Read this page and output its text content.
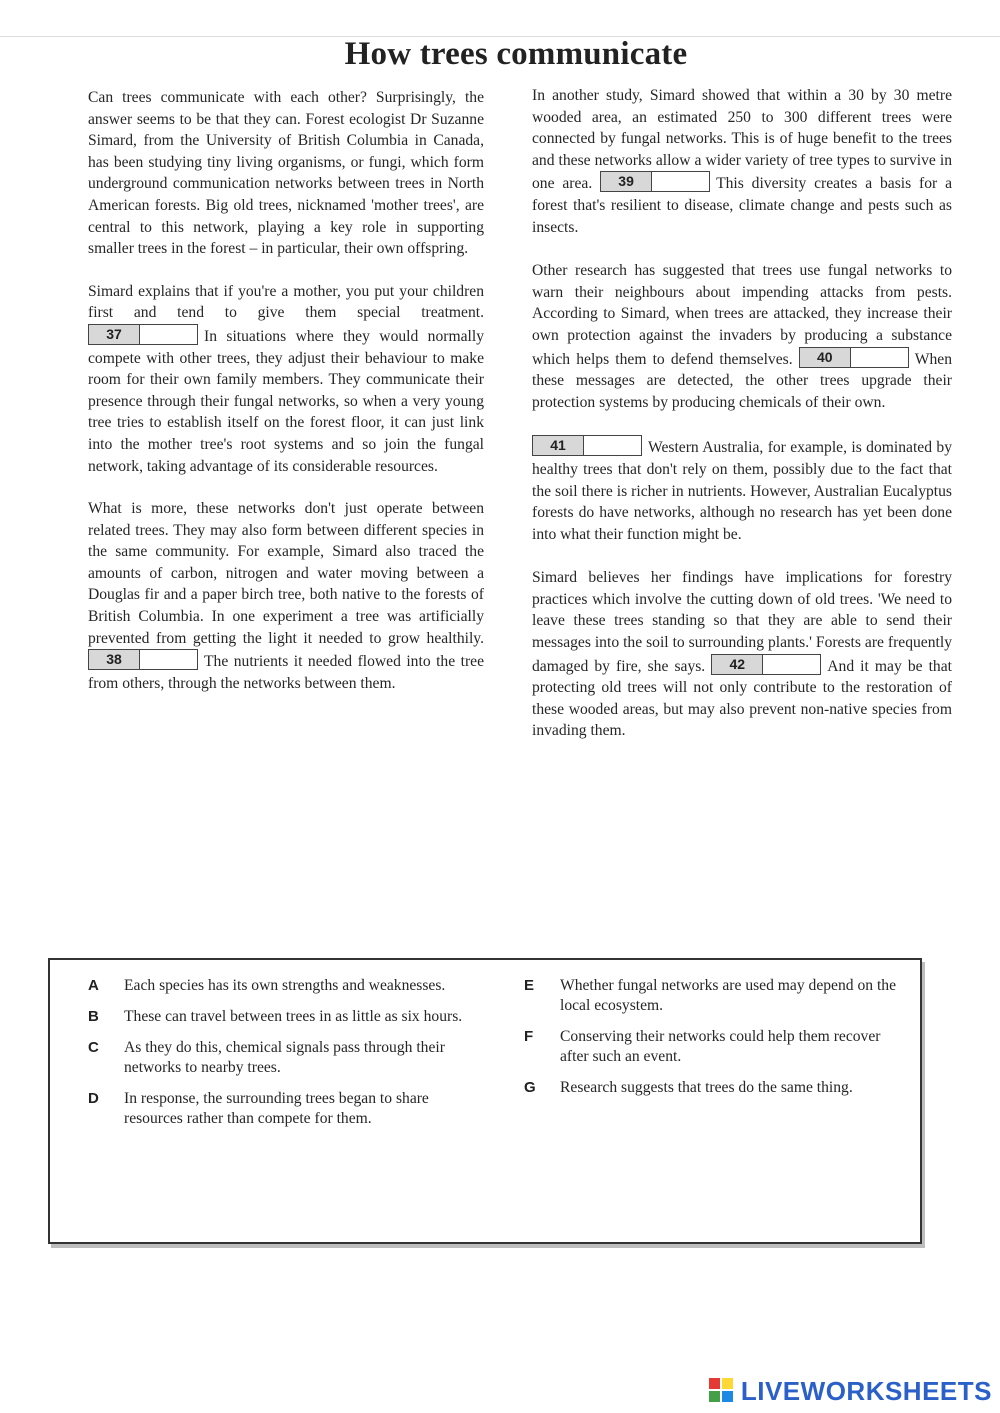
How trees communicate

Can trees communicate with each other? Surprisingly, the answer seems to be that they can. Forest ecologist Dr Suzanne Simard, from the University of British Columbia in Canada, has been studying tiny living organisms, or fungi, which form underground communication networks between trees in North American forests. Big old trees, nicknamed 'mother trees', are central to this network, playing a key role in supporting smaller trees in the forest – in particular, their own offspring.

Simard explains that if you're a mother, you put your children first and tend to give them special treatment.
37	In situations where they would normally compete with other trees, they adjust their behaviour to make room for their own family members. They communicate their presence through their fungal networks, so when a very young tree tries to establish itself on the forest floor, it can just link into the mother tree's root systems and so join the fungal network, taking advantage of its considerable resources.

What is more, these networks don't just operate between related trees. They may also form between different species in the same community. For example, Simard also traced the amounts of carbon, nitrogen and water moving between a Douglas fir and a paper birch tree, both native to the forests of British Columbia. In one experiment a tree was artificially prevented from getting the light it needed to grow healthily.
38	The nutrients it needed flowed into the tree from others, through the networks between them.

In another study, Simard showed that within a 30 by 30 metre wooded area, an estimated 250 to 300 different trees were connected by fungal networks. This is of huge benefit to the trees and these networks allow a wider variety of tree types to survive in one area.	39	This diversity creates a basis for a forest that's resilient to disease, climate change and pests such as insects.

Other research has suggested that trees use fungal networks to warn their neighbours about impending attacks from pests. According to Simard, when trees are attacked, they increase their own protection against the invaders by producing a substance which helps them to defend themselves.	40	When these messages are detected, the other trees upgrade their protection systems by producing chemicals of their own.

41	Western Australia, for example, is dominated by healthy trees that don't rely on them, possibly due to the fact that the soil there is richer in nutrients. However, Australian Eucalyptus forests do have networks, although no research has yet been done into what their function might be.

Simard believes her findings have implications for forestry practices which involve the cutting down of old trees. 'We need to leave these trees standing so that they are able to send their messages into the soil to surrounding plants.' Forests are frequently damaged by fire, she says.	42	And it may be that protecting old trees will not only contribute to the restoration of these wooded areas, but may also prevent non-native species from invading them.

A	Each species has its own strengths and weaknesses.
B	These can travel between trees in as little as six hours.
C	As they do this, chemical signals pass through their networks to nearby trees.
D	In response, the surrounding trees began to share resources rather than compete for them.
E	Whether fungal networks are used may depend on the local ecosystem.
F	Conserving their networks could help them recover after such an event.
G	Research suggests that trees do the same thing.
LIVEWORKSHEETS
